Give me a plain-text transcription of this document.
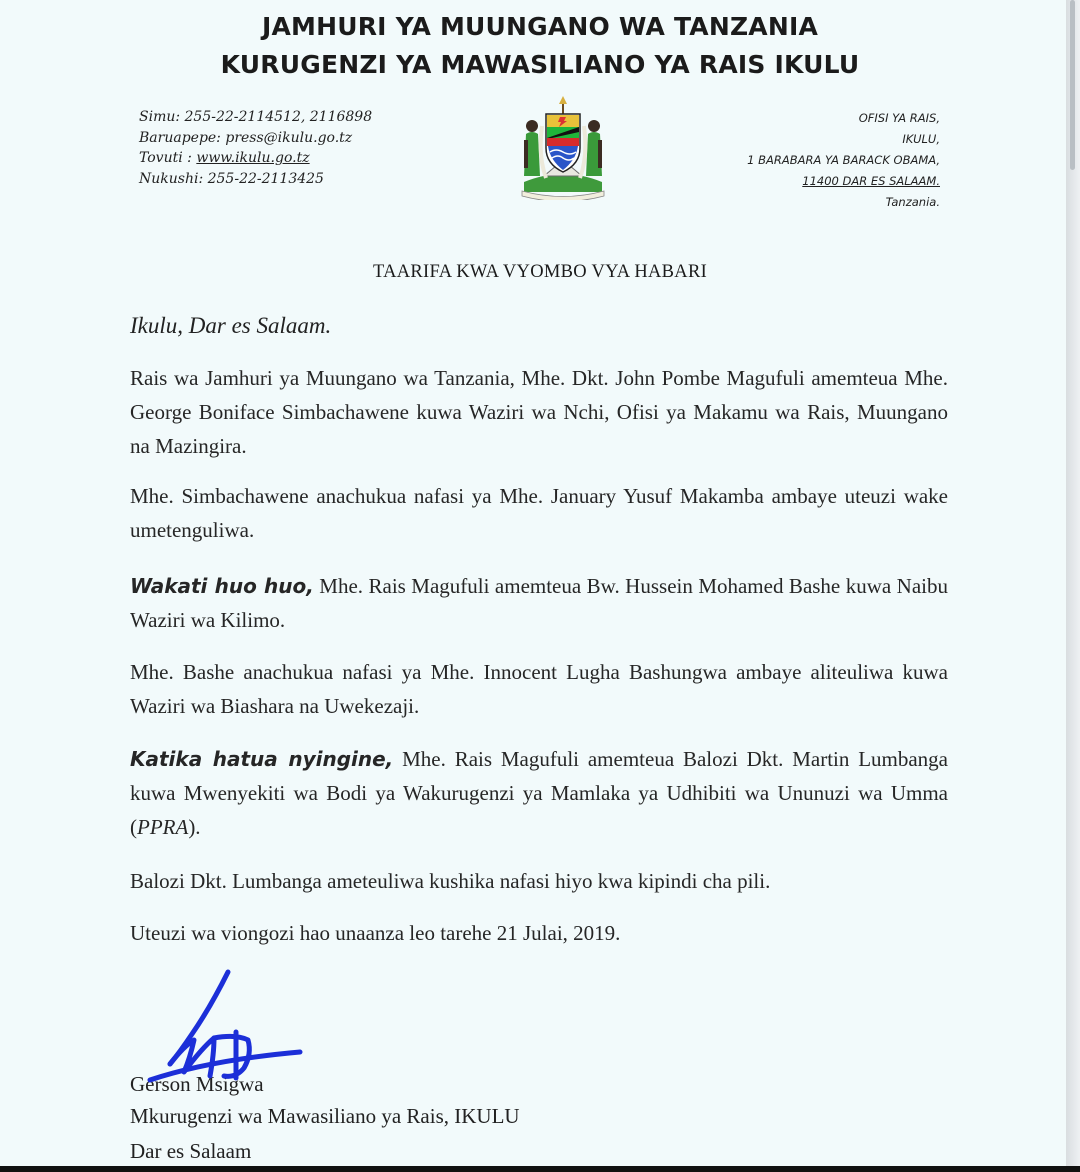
JAMHURI YA MUUNGANO WA TANZANIA
KURUGENZI YA MAWASILIANO YA RAIS IKULU
Simu: 255-22-2114512, 2116898
Baruapepe: press@ikulu.go.tz
Tovuti : www.ikulu.go.tz
Nukushi: 255-22-2113425
OFISI YA RAIS,
IKULU,
1 BARABARA YA BARACK OBAMA,
11400 DAR ES SALAAM.
Tanzania.
TAARIFA KWA VYOMBO VYA HABARI
Ikulu, Dar es Salaam.
Rais wa Jamhuri ya Muungano wa Tanzania, Mhe. Dkt. John Pombe Magufuli amemteua Mhe. George Boniface Simbachawene kuwa Waziri wa Nchi, Ofisi ya Makamu wa Rais, Muungano na Mazingira.
Mhe. Simbachawene anachukua nafasi ya Mhe. January Yusuf Makamba ambaye uteuzi wake umetenguliwa.
Wakati huo huo, Mhe. Rais Magufuli amemteua Bw. Hussein Mohamed Bashe kuwa Naibu Waziri wa Kilimo.
Mhe. Bashe anachukua nafasi ya Mhe. Innocent Lugha Bashungwa ambaye aliteuliwa kuwa Waziri wa Biashara na Uwekezaji.
Katika hatua nyingine, Mhe. Rais Magufuli amemteua Balozi Dkt. Martin Lumbanga kuwa Mwenyekiti wa Bodi ya Wakurugenzi ya Mamlaka ya Udhibiti wa Ununuzi wa Umma (PPRA).
Balozi Dkt. Lumbanga ameteuliwa kushika nafasi hiyo kwa kipindi cha pili.
Uteuzi wa viongozi hao unaanza leo tarehe 21 Julai, 2019.
Gerson Msigwa
Mkurugenzi wa Mawasiliano ya Rais, IKULU
Dar es Salaam
